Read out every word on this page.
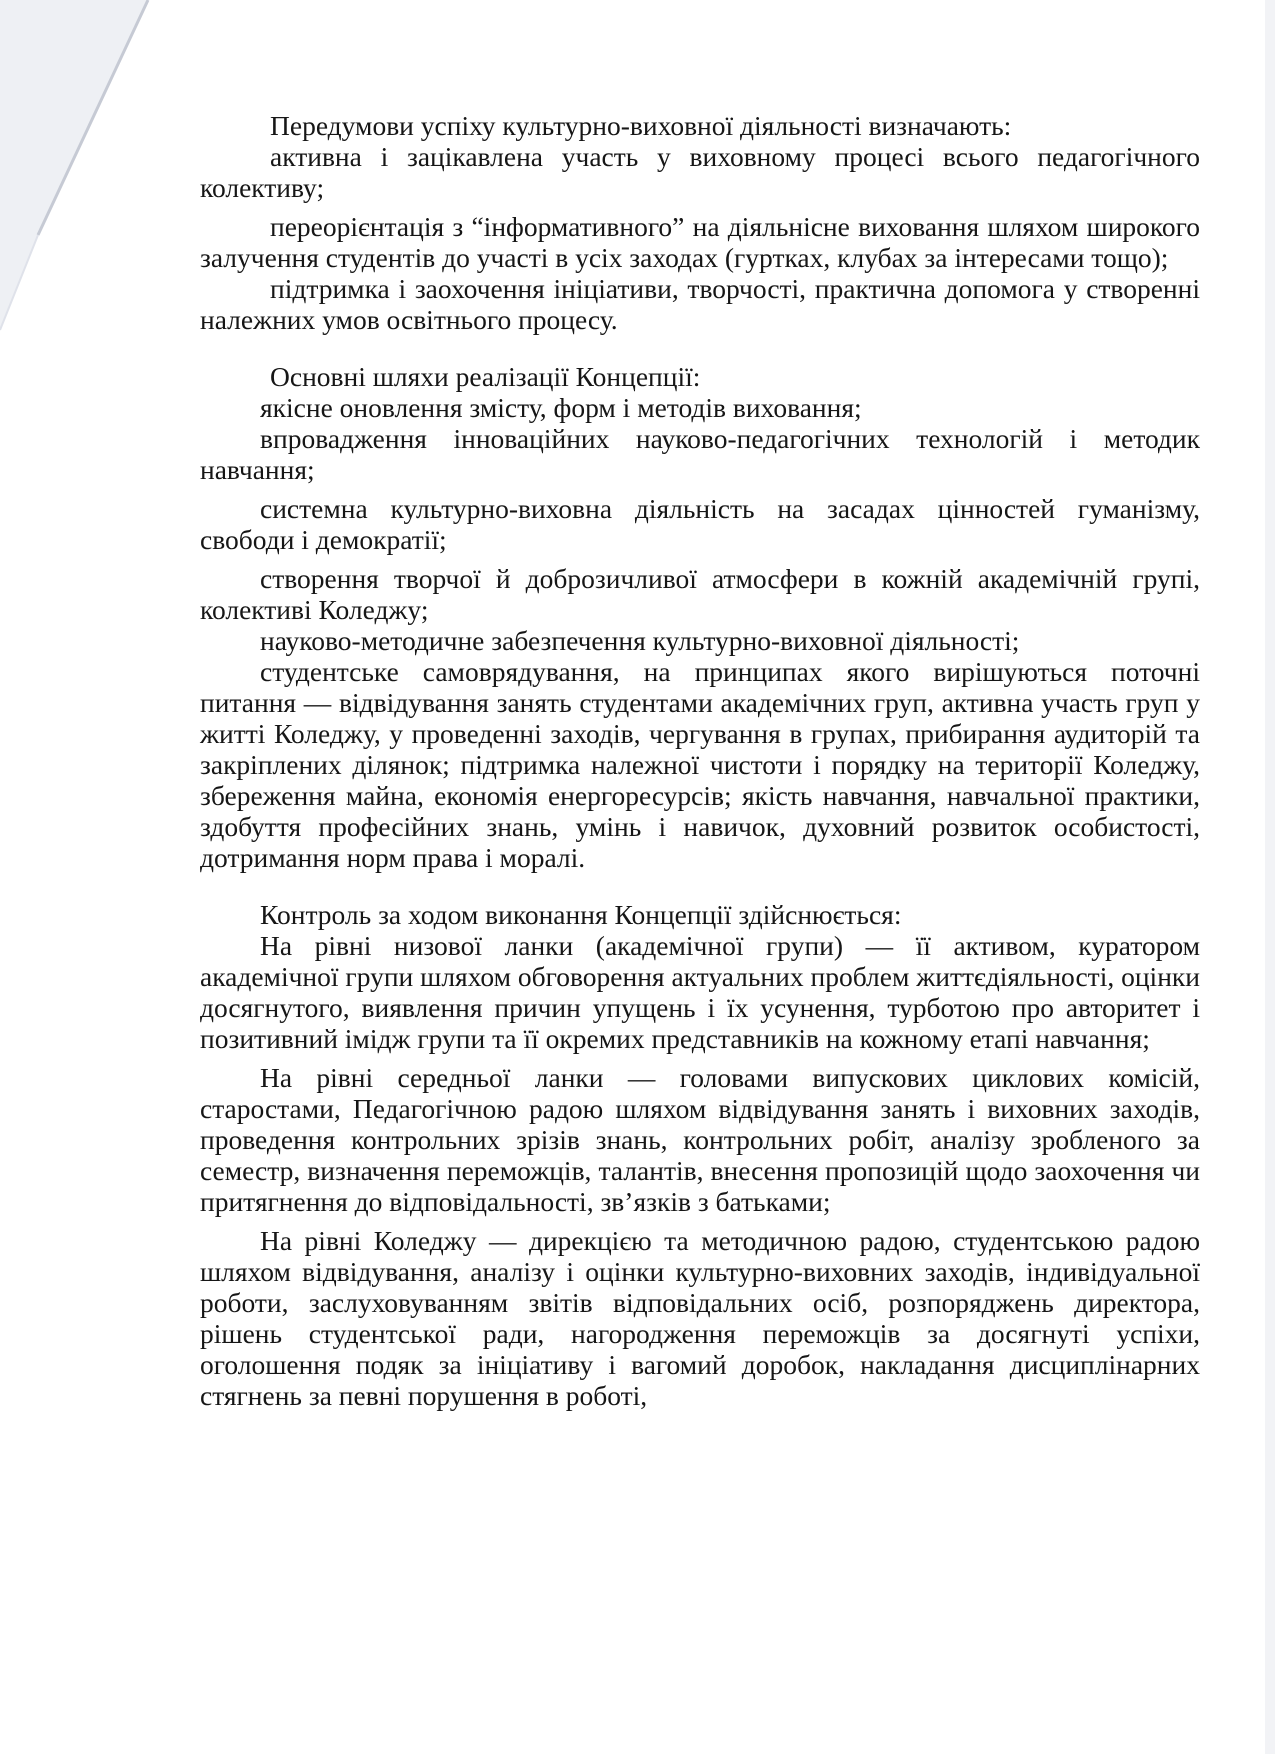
Передумови успіху культурно-виховної діяльності визначають:

активна і зацікавлена участь у виховному процесі всього педагогічного колективу;

переорієнтація з “інформативного” на діяльнісне виховання шляхом широкого залучення студентів до участі в усіх заходах (гуртках, клубах за інтересами тощо);

підтримка і заохочення ініціативи, творчості, практична допомога у створенні належних умов освітнього процесу.

Основні шляхи реалізації Концепції:

якісне оновлення змісту, форм і методів виховання;

впровадження інноваційних науково-педагогічних технологій і методик навчання;

системна культурно-виховна діяльність на засадах цінностей гуманізму, свободи і демократії;

створення творчої й доброзичливої атмосфери в кожній академічній групі, колективі Коледжу;

науково-методичне забезпечення культурно-виховної діяльності;

студентське самоврядування, на принципах якого вирішуються поточні питання — відвідування занять студентами академічних груп, активна участь груп у житті Коледжу, у проведенні заходів, чергування в групах, прибирання аудиторій та закріплених ділянок; підтримка належної чистоти і порядку на території Коледжу, збереження майна, економія енергоресурсів; якість навчання, навчальної практики, здобуття професійних знань, умінь і навичок, духовний розвиток особистості, дотримання норм права і моралі.

Контроль за ходом виконання Концепції здійснюється:

На рівні низової ланки (академічної групи) — її активом, куратором академічної групи шляхом обговорення актуальних проблем життєдіяльності, оцінки досягнутого, виявлення причин упущень і їх усунення, турботою про авторитет і позитивний імідж групи та її окремих представників на кожному етапі навчання;

На рівні середньої ланки — головами випускових циклових комісій, старостами, Педагогічною радою шляхом відвідування занять і виховних заходів, проведення контрольних зрізів знань, контрольних робіт, аналізу зробленого за семестр, визначення переможців, талантів, внесення пропозицій щодо заохочення чи притягнення до відповідальності, зв’язків з батьками;

На рівні Коледжу — дирекцією та методичною радою, студентською радою шляхом відвідування, аналізу і оцінки культурно-виховних заходів, індивідуальної роботи, заслуховуванням звітів відповідальних осіб, розпоряджень директора, рішень студентської ради, нагородження переможців за досягнуті успіхи, оголошення подяк за ініціативу і вагомий доробок, накладання дисциплінарних стягнень за певні порушення в роботі,
